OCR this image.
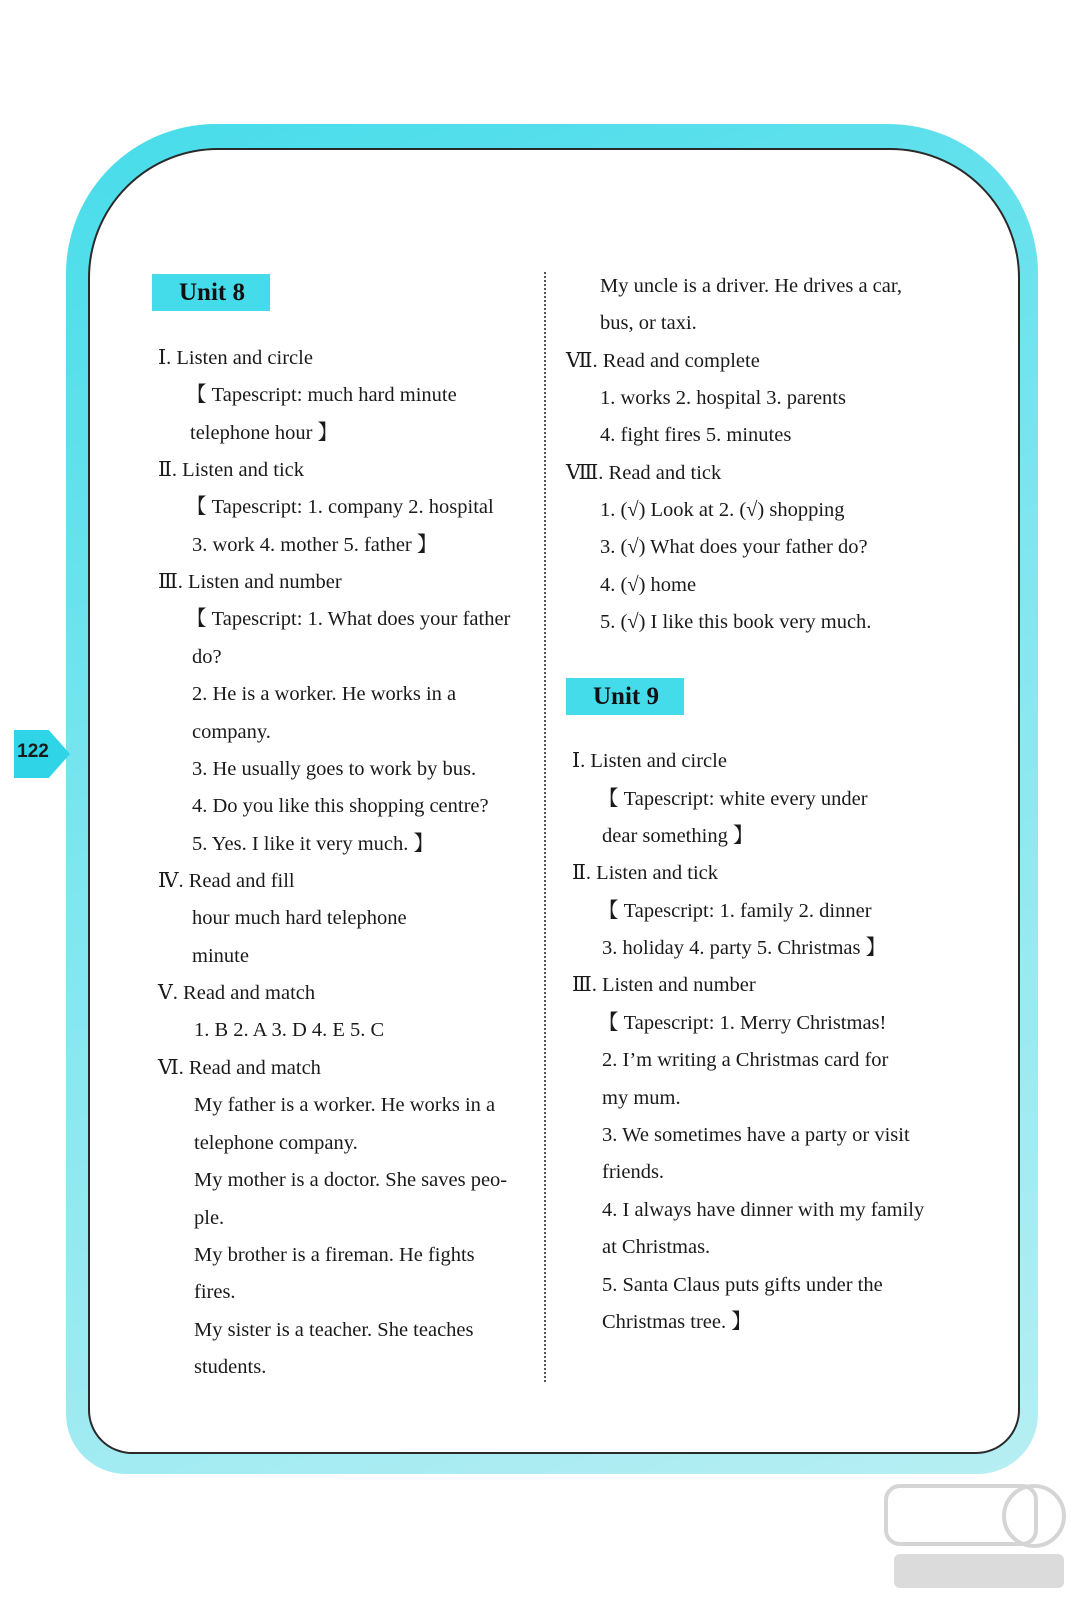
122
Unit 8
Ⅰ. Listen and circle
【 Tapescript: much hard minute
telephone hour 】
Ⅱ. Listen and tick
【 Tapescript: 1. company 2. hospital
3. work 4. mother 5. father 】
Ⅲ. Listen and number
【 Tapescript: 1. What does your father
do?
2. He is a worker. He works in a
company.
3. He usually goes to work by bus.
4. Do you like this shopping centre?
5. Yes. I like it very much. 】
Ⅳ. Read and fill
hour much hard telephone
minute
Ⅴ. Read and match
1. B 2. A 3. D 4. E 5. C
Ⅵ. Read and match
My father is a worker. He works in a
telephone company.
My mother is a doctor. She saves peo-
ple.
My brother is a fireman. He fights
fires.
My sister is a teacher. She teaches
students.
My uncle is a driver. He drives a car,
bus, or taxi.
Ⅶ. Read and complete
1. works 2. hospital 3. parents
4. fight fires 5. minutes
Ⅷ. Read and tick
1. (√) Look at 2. (√) shopping
3. (√) What does your father do?
4. (√) home
5. (√) I like this book very much.
Unit 9
Ⅰ. Listen and circle
【 Tapescript: white every under
dear something 】
Ⅱ. Listen and tick
【 Tapescript: 1. family 2. dinner
3. holiday 4. party 5. Christmas 】
Ⅲ. Listen and number
【 Tapescript: 1. Merry Christmas!
2. I’m writing a Christmas card for
my mum.
3. We sometimes have a party or visit
friends.
4. I always have dinner with my family
at Christmas.
5. Santa Claus puts gifts under the
Christmas tree. 】
